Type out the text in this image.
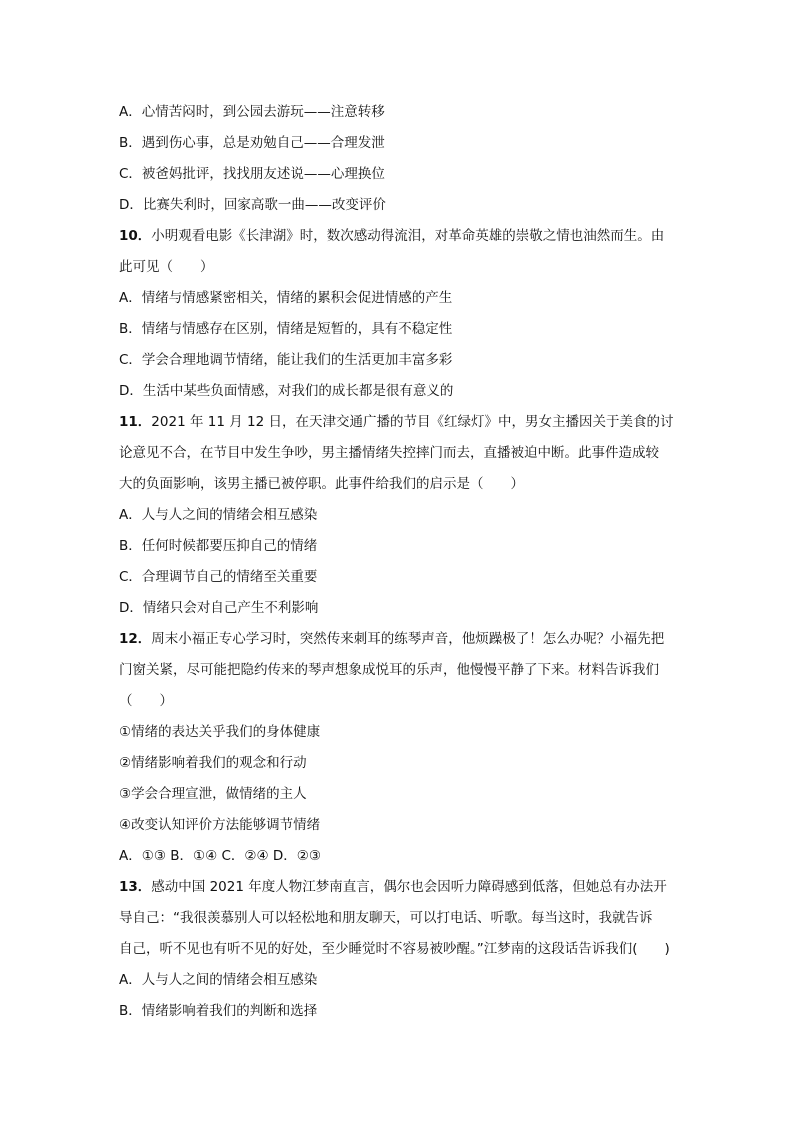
A．心情苦闷时，到公园去游玩——注意转移
B．遇到伤心事，总是劝勉自己——合理发泄
C．被爸妈批评，找找朋友述说——心理换位
D．比赛失利时，回家高歌一曲——改变评价
10．小明观看电影《长津湖》时，数次感动得流泪，对革命英雄的崇敬之情也油然而生。由
此可见（　　）
A．情绪与情感紧密相关，情绪的累积会促进情感的产生
B．情绪与情感存在区别，情绪是短暂的，具有不稳定性
C．学会合理地调节情绪，能让我们的生活更加丰富多彩
D．生活中某些负面情感，对我们的成长都是很有意义的
11．2021 年 11 月 12 日，在天津交通广播的节目《红绿灯》中，男女主播因关于美食的讨
论意见不合，在节目中发生争吵，男主播情绪失控摔门而去，直播被迫中断。此事件造成较
大的负面影响，该男主播已被停职。此事件给我们的启示是（　　）
A．人与人之间的情绪会相互感染
B．任何时候都要压抑自己的情绪
C．合理调节自己的情绪至关重要
D．情绪只会对自己产生不利影响
12．周末小福正专心学习时，突然传来刺耳的练琴声音，他烦躁极了！怎么办呢？小福先把
门窗关紧，尽可能把隐约传来的琴声想象成悦耳的乐声，他慢慢平静了下来。材料告诉我们
（　　）
①情绪的表达关乎我们的身体健康
②情绪影响着我们的观念和行动
③学会合理宣泄，做情绪的主人
④改变认知评价方法能够调节情绪
A．①③ B．①④ C．②④ D．②③
13．感动中国 2021 年度人物江梦南直言，偶尔也会因听力障碍感到低落，但她总有办法开
导自己：“我很羡慕别人可以轻松地和朋友聊天，可以打电话、听歌。每当这时，我就告诉
自己，听不见也有听不见的好处，至少睡觉时不容易被吵醒。”江梦南的这段话告诉我们(　　)
A．人与人之间的情绪会相互感染
B．情绪影响着我们的判断和选择
